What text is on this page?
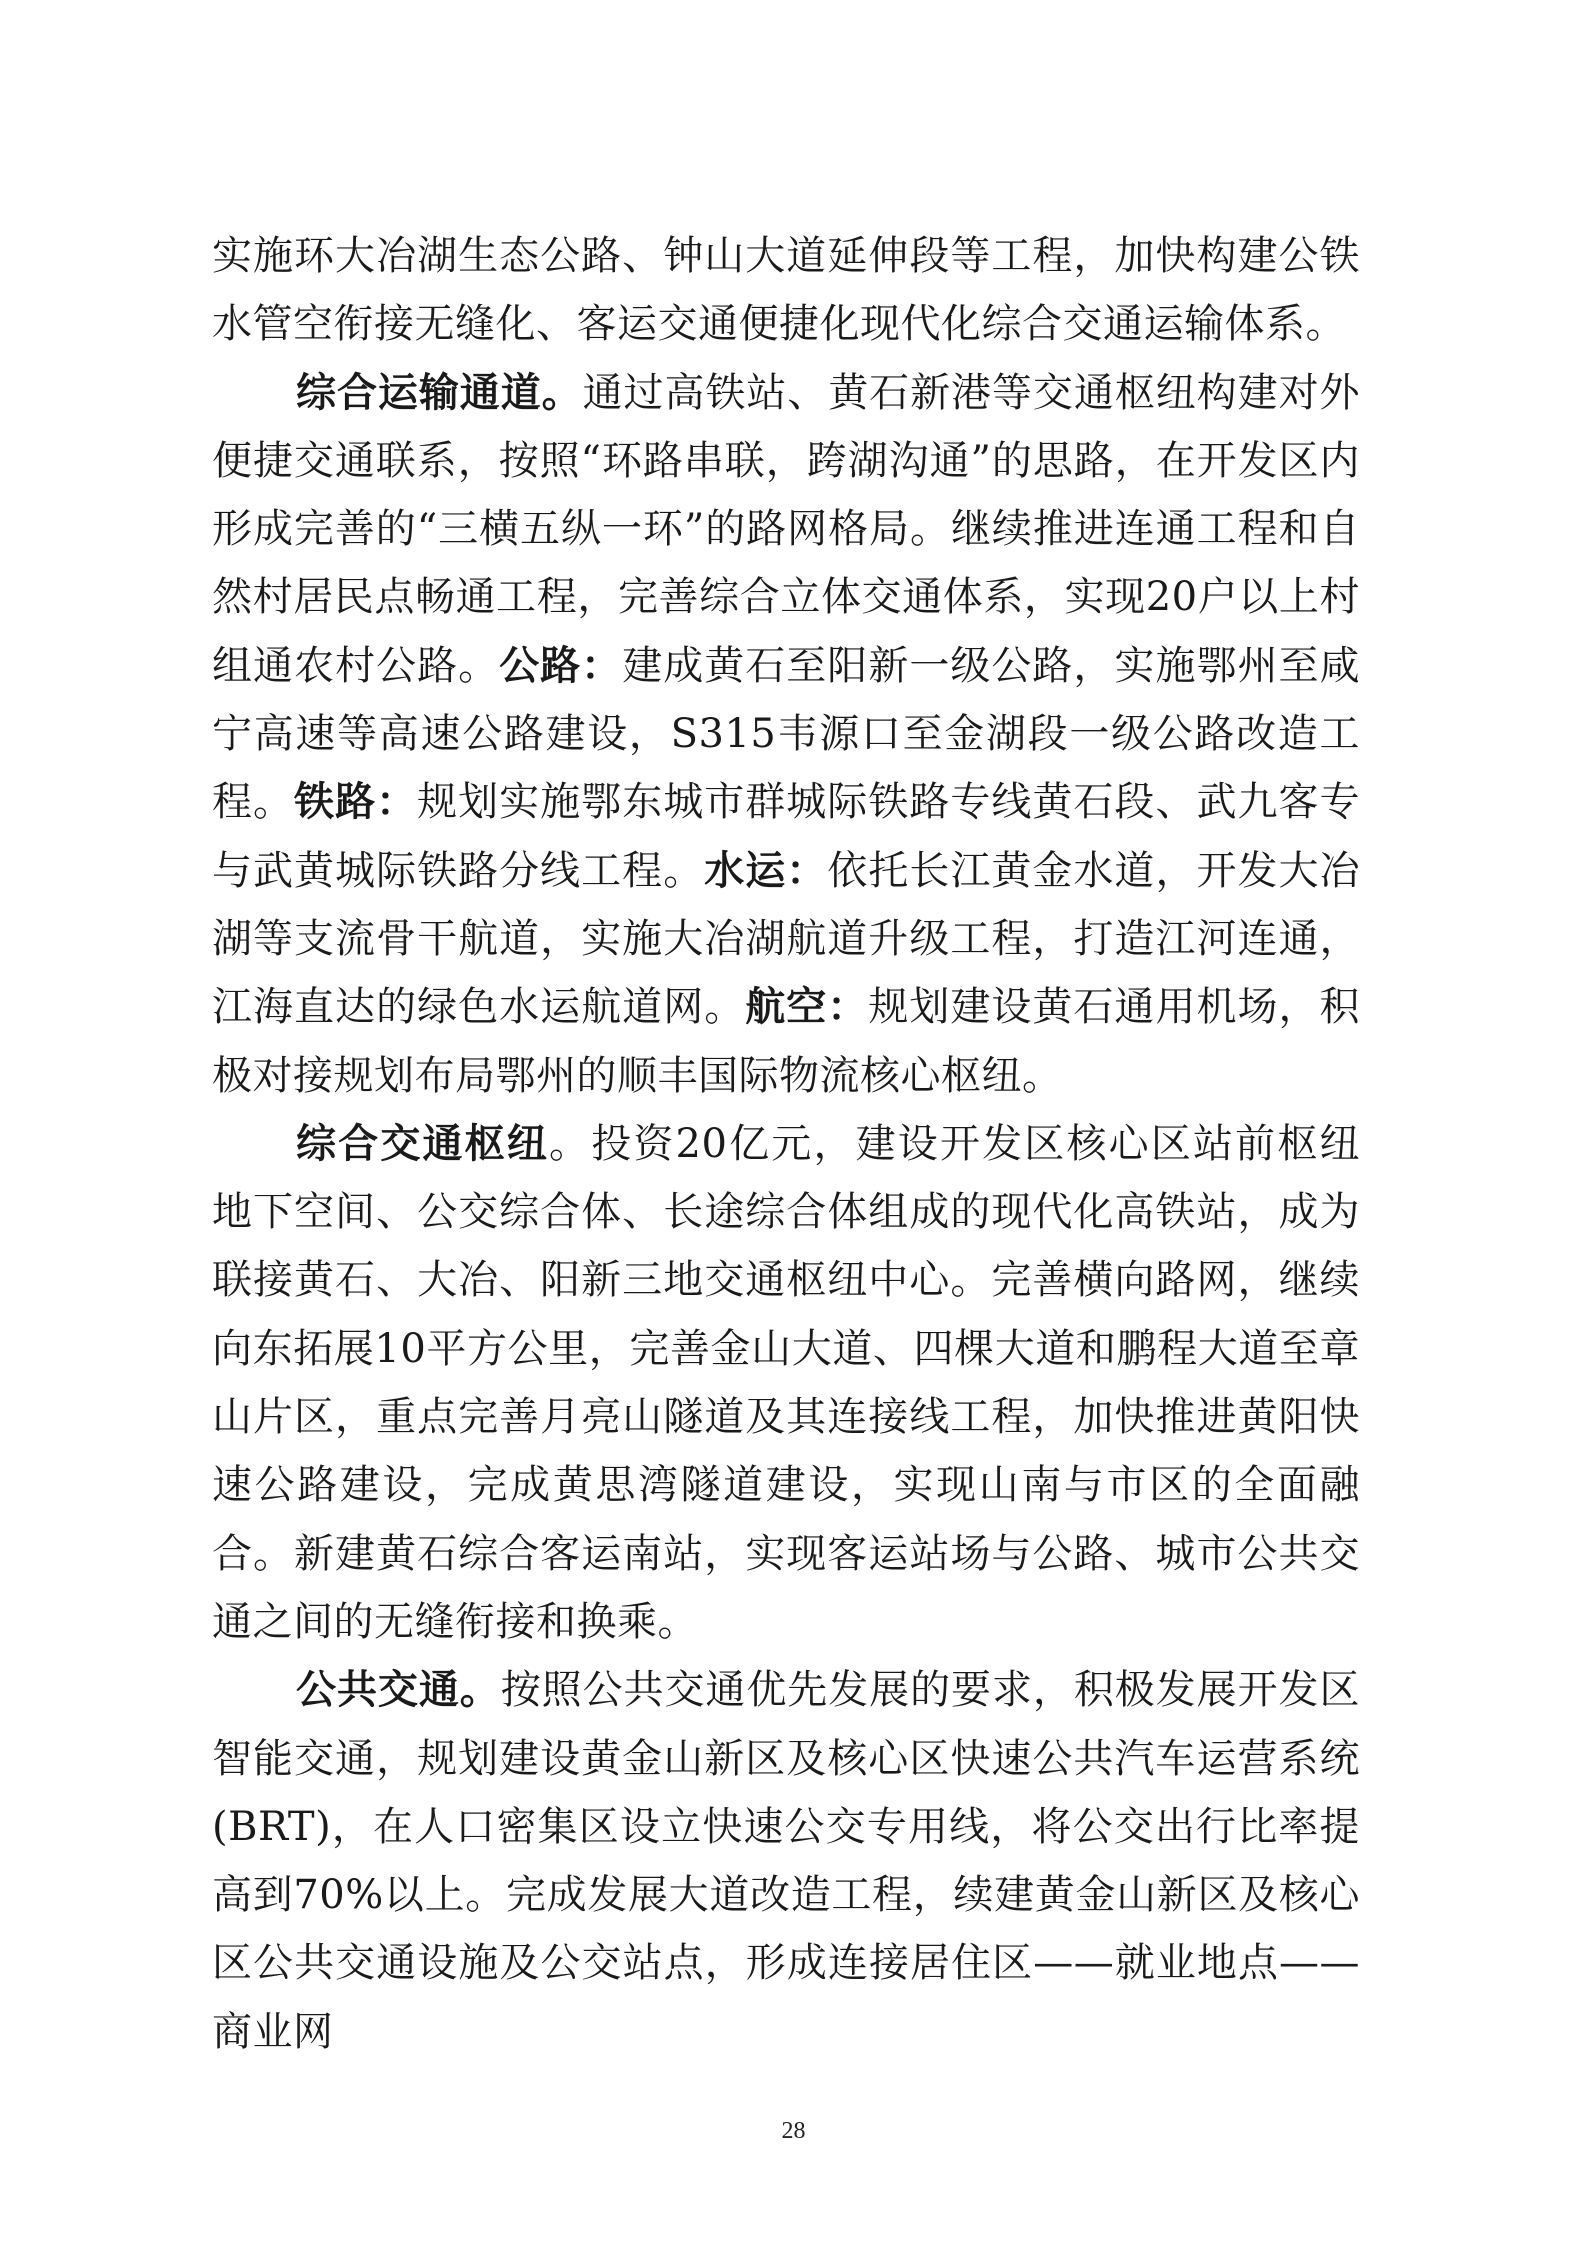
实施环大冶湖生态公路、钟山大道延伸段等工程，加快构建公铁水管空衔接无缝化、客运交通便捷化现代化综合交通运输体系。

综合运输通道。通过高铁站、黄石新港等交通枢纽构建对外便捷交通联系，按照“环路串联，跨湖沟通”的思路，在开发区内形成完善的“三横五纵一环”的路网格局。继续推进连通工程和自然村居民点畅通工程，完善综合立体交通体系，实现20户以上村组通农村公路。公路：建成黄石至阳新一级公路，实施鄂州至咸宁高速等高速公路建设，S315韦源口至金湖段一级公路改造工程。铁路：规划实施鄂东城市群城际铁路专线黄石段、武九客专与武黄城际铁路分线工程。水运：依托长江黄金水道，开发大冶湖等支流骨干航道，实施大冶湖航道升级工程，打造江河连通，江海直达的绿色水运航道网。航空：规划建设黄石通用机场，积极对接规划布局鄂州的顺丰国际物流核心枢纽。

综合交通枢纽。投资20亿元，建设开发区核心区站前枢纽地下空间、公交综合体、长途综合体组成的现代化高铁站，成为联接黄石、大冶、阳新三地交通枢纽中心。完善横向路网，继续向东拓展10平方公里，完善金山大道、四棵大道和鹏程大道至章山片区，重点完善月亮山隧道及其连接线工程，加快推进黄阳快速公路建设，完成黄思湾隧道建设，实现山南与市区的全面融合。新建黄石综合客运南站，实现客运站场与公路、城市公共交通之间的无缝衔接和换乘。

公共交通。按照公共交通优先发展的要求，积极发展开发区智能交通，规划建设黄金山新区及核心区快速公共汽车运营系统(BRT)，在人口密集区设立快速公交专用线，将公交出行比率提高到70%以上。完成发展大道改造工程，续建黄金山新区及核心区公共交通设施及公交站点，形成连接居住区——就业地点——商业网

28
